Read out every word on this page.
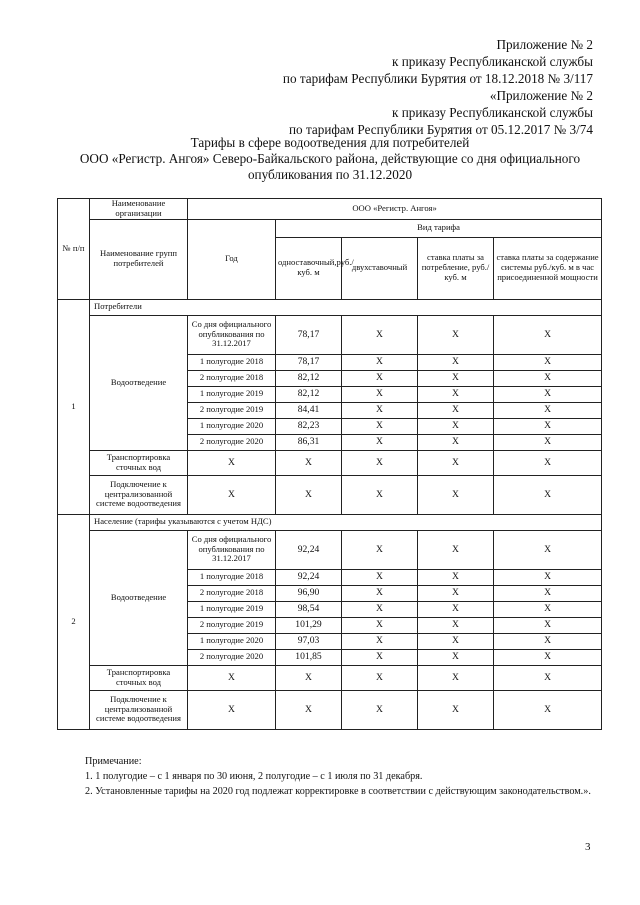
Приложение № 2
к приказу Республиканской службы
по тарифам Республики Бурятия от 18.12.2018 № 3/117
«Приложение № 2
к приказу Республиканской службы
по тарифам Республики Бурятия от 05.12.2017 № 3/74
Тарифы в сфере водоотведения для потребителей
ООО «Регистр. Ангоя» Северо-Байкальского района, действующие со дня официального
опубликования по 31.12.2020
№ п/п	Наименование организации	ООО «Регистр. Ангоя»				
	Наименование групп потребителей	Год	Вид тарифа			
			одноставочный,руб./ куб. м	двухставочный	ставка платы за потребление, руб./ куб. м	ставка платы за содержание системы руб./куб. м в час присоединенной мощности

1	Потребители					
	Водоотведение	Со дня официального опубликования по 31.12.2017	78,17	X	X	X
		1 полугодие 2018	78,17	X	X	X
		2 полугодие 2018	82,12	X	X	X
		1 полугодие 2019	82,12	X	X	X
		2 полугодие 2019	84,41	X	X	X
		1 полугодие 2020	82,23	X	X	X
		2 полугодие 2020	86,31	X	X	X
	Транспортировка сточных вод	X	X	X	X	X
	Подключение к централизованной системе водоотведения	X	X	X	X	X
2	Население (тарифы указываются с учетом НДС)					
	Водоотведение	Со дня официального опубликования по 31.12.2017	92,24	X	X	X
		1 полугодие 2018	92,24	X	X	X
		2 полугодие 2018	96,90	X	X	X
		1 полугодие 2019	98,54	X	X	X
		2 полугодие 2019	101,29	X	X	X
		1 полугодие 2020	97,03	X	X	X
		2 полугодие 2020	101,85	X	X	X
	Транспортировка сточных вод	X	X	X	X	X
	Подключение к централизованной системе водоотведения	X	X	X	X	X
Примечание:
1. 1 полугодие – с 1 января по 30 июня, 2 полугодие – с 1 июля по 31 декабря.
2. Установленные тарифы на 2020 год подлежат корректировке в соответствии с действующим законодательством.».
3
